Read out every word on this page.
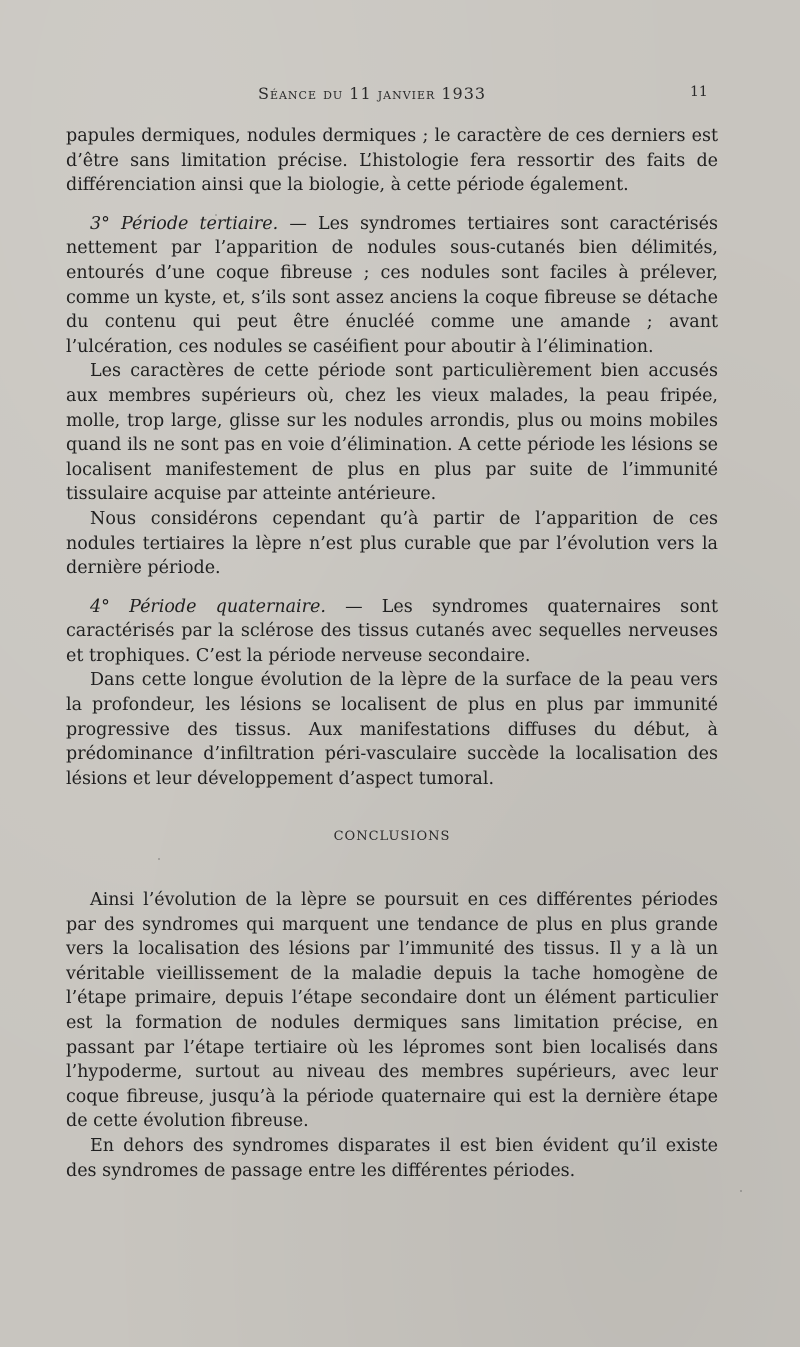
Séance du 11 janvier 1933	11

papules dermiques, nodules dermiques ; le caractère de ces derniers est d’être sans limitation précise. L’histologie fera ressortir des faits de différenciation ainsi que la biologie, à cette période également.

3° Période tertiaire. — Les syndromes tertiaires sont caractérisés nettement par l’apparition de nodules sous-cutanés bien délimités, entourés d’une coque fibreuse ; ces nodules sont faciles à prélever, comme un kyste, et, s’ils sont assez anciens la coque fibreuse se détache du contenu qui peut être énucléé comme une amande ; avant l’ulcération, ces nodules se caséifient pour aboutir à l’élimination.

Les caractères de cette période sont particulièrement bien accusés aux membres supérieurs où, chez les vieux malades, la peau fripée, molle, trop large, glisse sur les nodules arrondis, plus ou moins mobiles quand ils ne sont pas en voie d’élimination. A cette période les lésions se localisent manifestement de plus en plus par suite de l’immunité tissulaire acquise par atteinte antérieure.

Nous considérons cependant qu’à partir de l’apparition de ces nodules tertiaires la lèpre n’est plus curable que par l’évolution vers la dernière période.

4° Période quaternaire. — Les syndromes quaternaires sont caractérisés par la sclérose des tissus cutanés avec sequelles nerveuses et trophiques. C’est la période nerveuse secondaire.

Dans cette longue évolution de la lèpre de la surface de la peau vers la profondeur, les lésions se localisent de plus en plus par immunité progressive des tissus. Aux manifestations diffuses du début, à prédominance d’infiltration péri-vasculaire succède la localisation des lésions et leur développement d’aspect tumoral.

CONCLUSIONS

Ainsi l’évolution de la lèpre se poursuit en ces différentes périodes par des syndromes qui marquent une tendance de plus en plus grande vers la localisation des lésions par l’immunité des tissus. Il y a là un véritable vieillissement de la maladie depuis la tache homogène de l’étape primaire, depuis l’étape secondaire dont un élément particulier est la formation de nodules dermiques sans limitation précise, en passant par l’étape tertiaire où les lépromes sont bien localisés dans l’hypoderme, surtout au niveau des membres supérieurs, avec leur coque fibreuse, jusqu’à la période quaternaire qui est la dernière étape de cette évolution fibreuse.

En dehors des syndromes disparates il est bien évident qu’il existe des syndromes de passage entre les différentes périodes.
